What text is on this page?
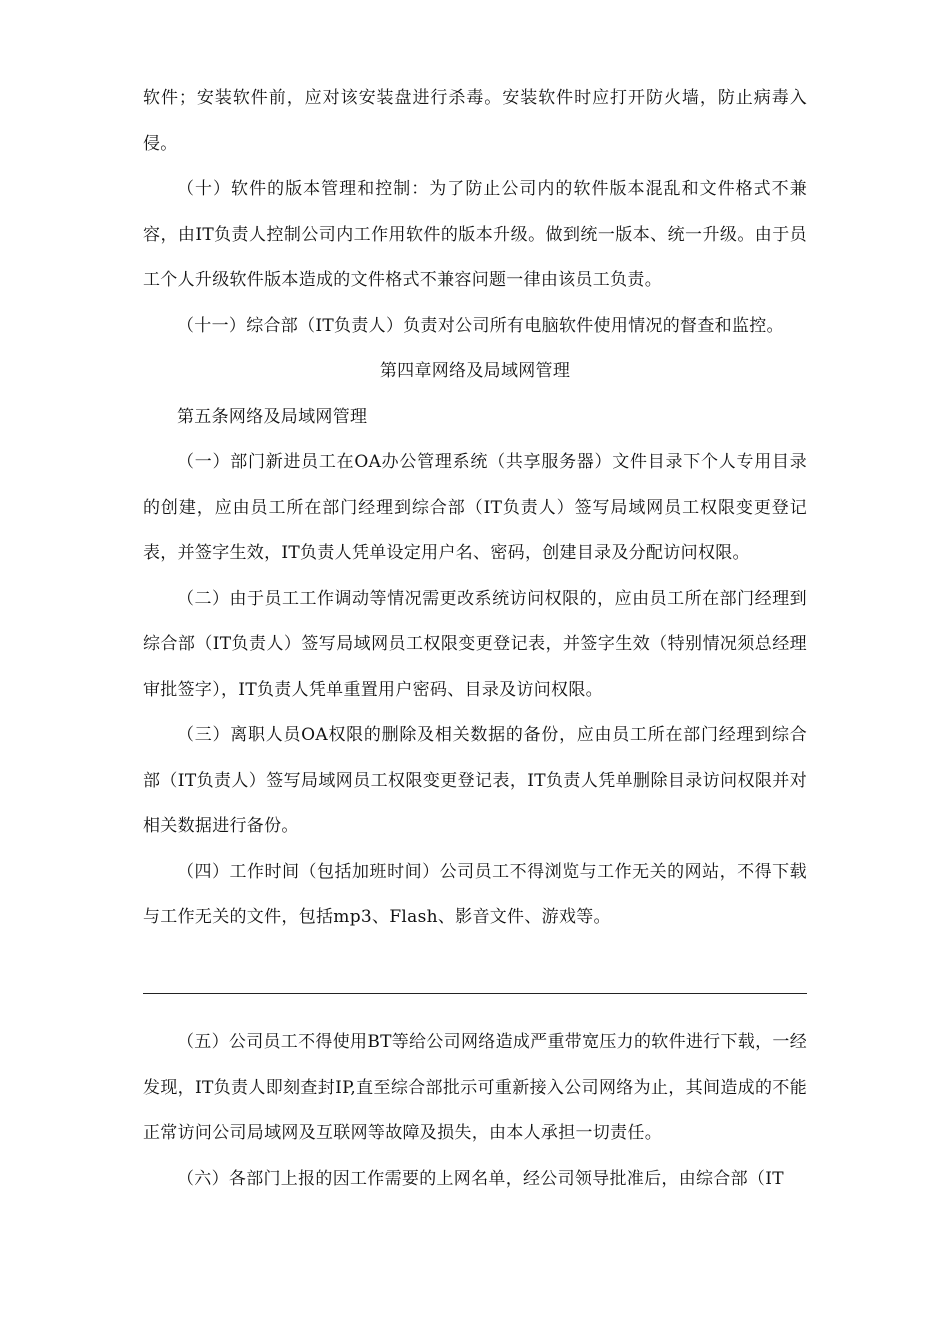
软件；安装软件前，应对该安装盘进行杀毒。安装软件时应打开防火墙，防止病毒入侵。

（十）软件的版本管理和控制：为了防止公司内的软件版本混乱和文件格式不兼容，由IT负责人控制公司内工作用软件的版本升级。做到统一版本、统一升级。由于员工个人升级软件版本造成的文件格式不兼容问题一律由该员工负责。

（十一）综合部（IT负责人）负责对公司所有电脑软件使用情况的督查和监控。

第四章网络及局域网管理

第五条网络及局域网管理

（一）部门新进员工在OA办公管理系统（共享服务器）文件目录下个人专用目录的创建，应由员工所在部门经理到综合部（IT负责人）签写局域网员工权限变更登记表，并签字生效，IT负责人凭单设定用户名、密码，创建目录及分配访问权限。

（二）由于员工工作调动等情况需更改系统访问权限的，应由员工所在部门经理到综合部（IT负责人）签写局域网员工权限变更登记表，并签字生效（特别情况须总经理审批签字），IT负责人凭单重置用户密码、目录及访问权限。

（三）离职人员OA权限的删除及相关数据的备份，应由员工所在部门经理到综合部（IT负责人）签写局域网员工权限变更登记表，IT负责人凭单删除目录访问权限并对相关数据进行备份。

（四）工作时间（包括加班时间）公司员工不得浏览与工作无关的网站，不得下载与工作无关的文件，包括mp3、Flash、影音文件、游戏等。

（五）公司员工不得使用BT等给公司网络造成严重带宽压力的软件进行下载，一经发现，IT负责人即刻查封IP,直至综合部批示可重新接入公司网络为止，其间造成的不能正常访问公司局域网及互联网等故障及损失，由本人承担一切责任。

（六）各部门上报的因工作需要的上网名单，经公司领导批准后，由综合部（IT
